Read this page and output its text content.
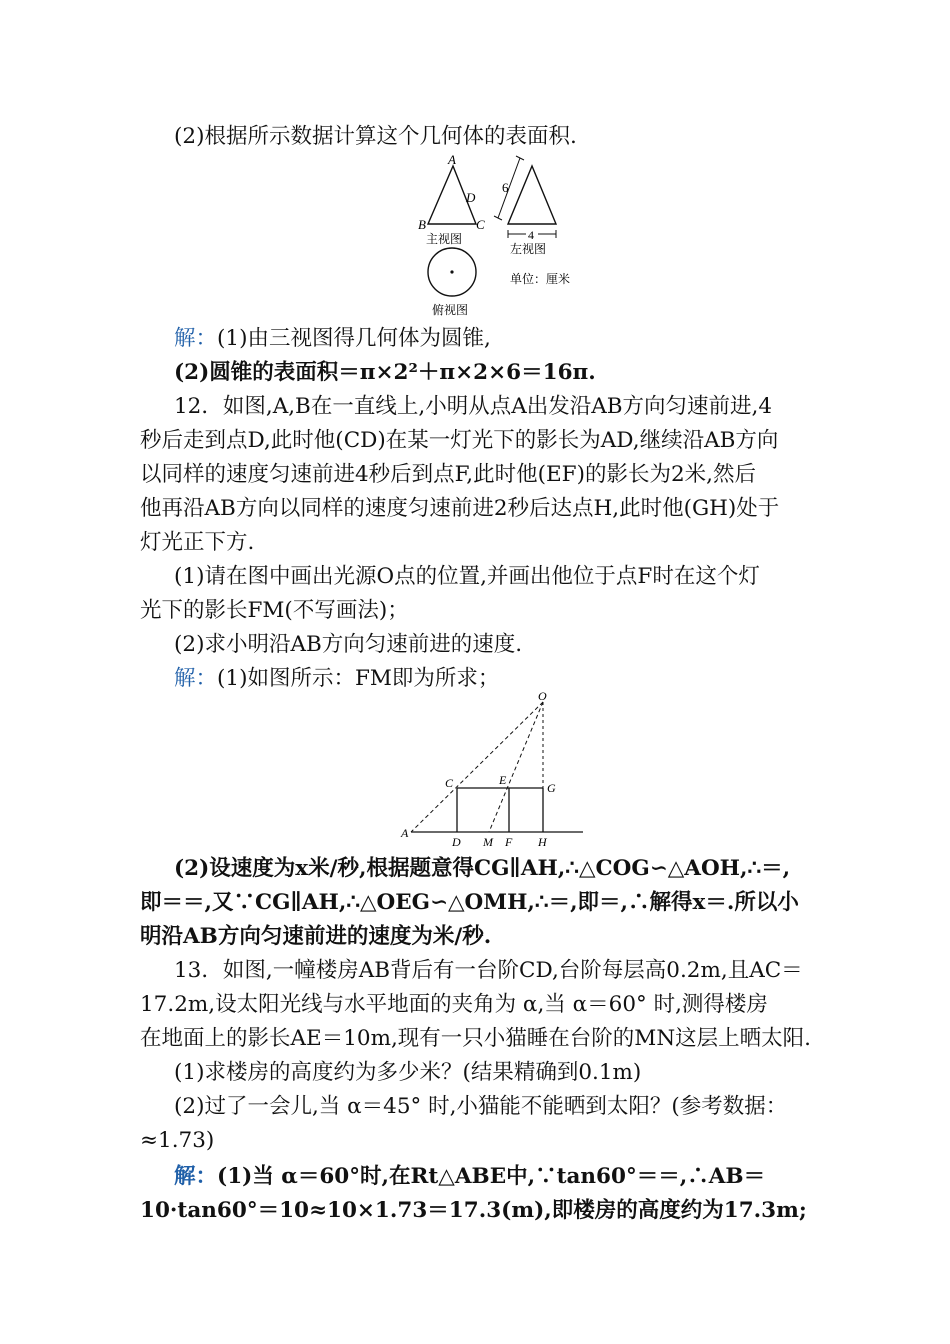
(2)根据所示数据计算这个几何体的表面积.
A
B	C
D
主视图
6
4
左视图
俯视图
单位：厘米
解：(1)由三视图得几何体为圆锥,
(2)圆锥的表面积＝π×2²＋π×2×6＝16π.
12．如图,A,B在一直线上,小明从点A出发沿AB方向匀速前进,4
秒后走到点D,此时他(CD)在某一灯光下的影长为AD,继续沿AB方向
以同样的速度匀速前进4秒后到点F,此时他(EF)的影长为2米,然后
他再沿AB方向以同样的速度匀速前进2秒后达点H,此时他(GH)处于
灯光正下方.
(1)请在图中画出光源O点的位置,并画出他位于点F时在这个灯
光下的影长FM(不写画法)；
(2)求小明沿AB方向匀速前进的速度.
解：(1)如图所示：FM即为所求；
O
C	E
G
A
D M F H
(2)设速度为x米/秒,根据题意得CG∥AH,∴△COG∽△AOH,∴＝,
即＝＝,又∵CG∥AH,∴△OEG∽△OMH,∴＝,即＝,∴解得x＝.所以小
明沿AB方向匀速前进的速度为米/秒.
13．如图,一幢楼房AB背后有一台阶CD,台阶每层高0.2m,且AC＝
17.2m,设太阳光线与水平地面的夹角为 α,当 α＝60° 时,测得楼房
在地面上的影长AE＝10m,现有一只小猫睡在台阶的MN这层上晒太阳.
(1)求楼房的高度约为多少米？(结果精确到0.1m)
(2)过了一会儿,当 α＝45° 时,小猫能不能晒到太阳？(参考数据：
≈1.73)
解：(1)当 α＝60°时,在Rt△ABE中,∵tan60°＝＝,∴AB＝
10·tan60°＝10≈10×1.73＝17.3(m),即楼房的高度约为17.3m;
